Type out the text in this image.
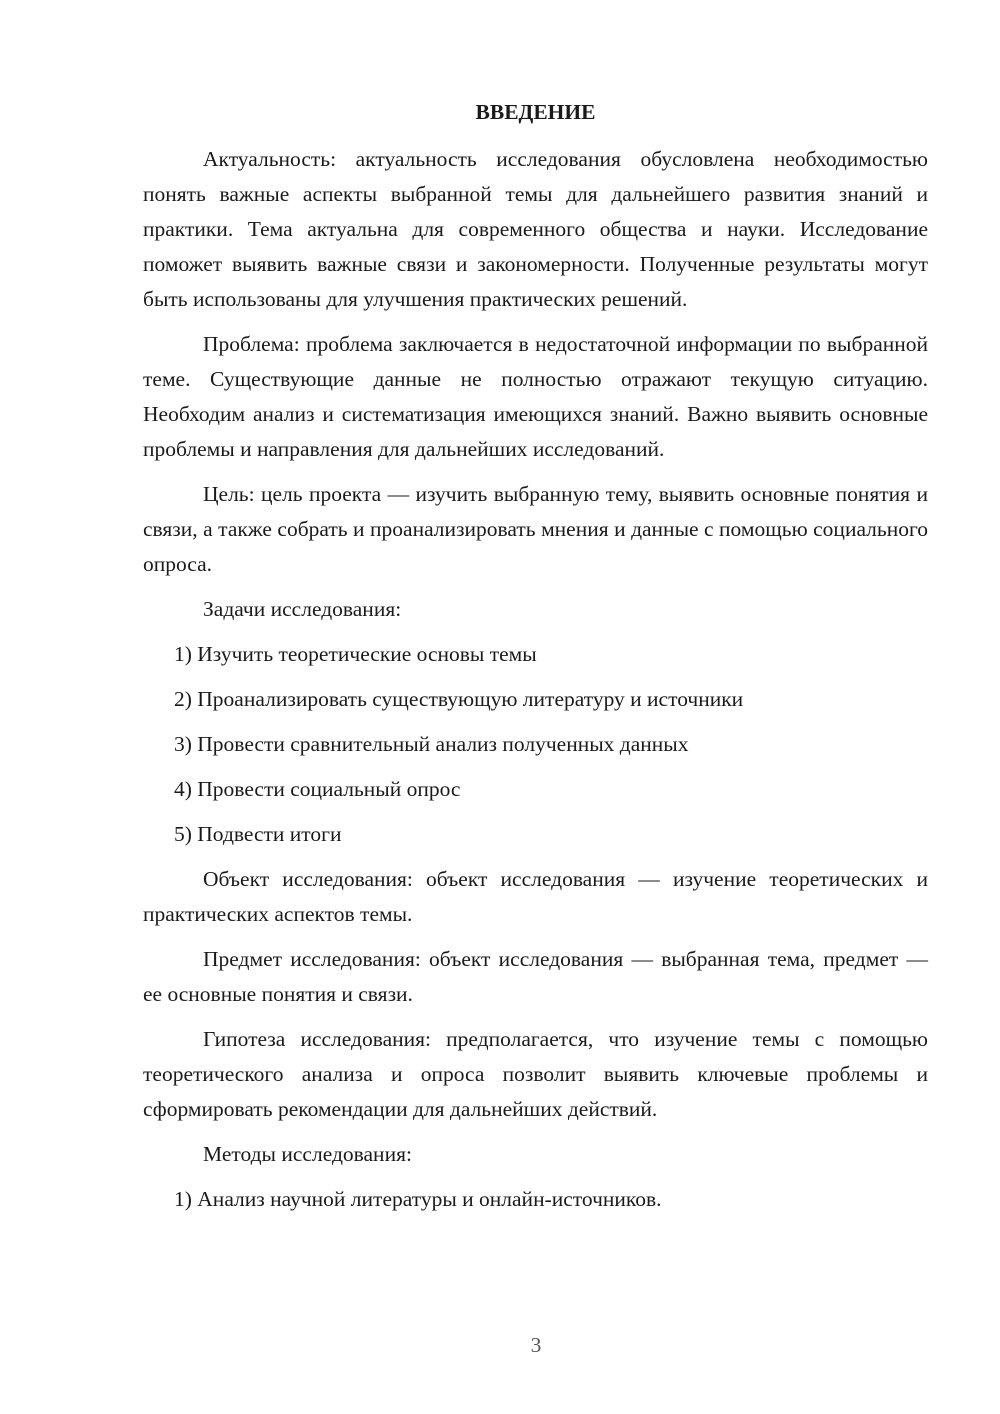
ВВЕДЕНИЕ

Актуальность: актуальность исследования обусловлена необходимостью понять важные аспекты выбранной темы для дальнейшего развития знаний и практики. Тема актуальна для современного общества и науки. Исследование поможет выявить важные связи и закономерности. Полученные результаты могут быть использованы для улучшения практических решений.

Проблема: проблема заключается в недостаточной информации по выбранной теме. Существующие данные не полностью отражают текущую ситуацию. Необходим анализ и систематизация имеющихся знаний. Важно выявить основные проблемы и направления для дальнейших исследований.

Цель: цель проекта — изучить выбранную тему, выявить основные понятия и связи, а также собрать и проанализировать мнения и данные с помощью социального опроса.

Задачи исследования:

1) Изучить теоретические основы темы

2) Проанализировать существующую литературу и источники

3) Провести сравнительный анализ полученных данных

4) Провести социальный опрос

5) Подвести итоги

Объект исследования: объект исследования — изучение теоретических и практических аспектов темы.

Предмет исследования: объект исследования — выбранная тема, предмет — ее основные понятия и связи.

Гипотеза исследования: предполагается, что изучение темы с помощью теоретического анализа и опроса позволит выявить ключевые проблемы и сформировать рекомендации для дальнейших действий.

Методы исследования:

1) Анализ научной литературы и онлайн-источников.

3
